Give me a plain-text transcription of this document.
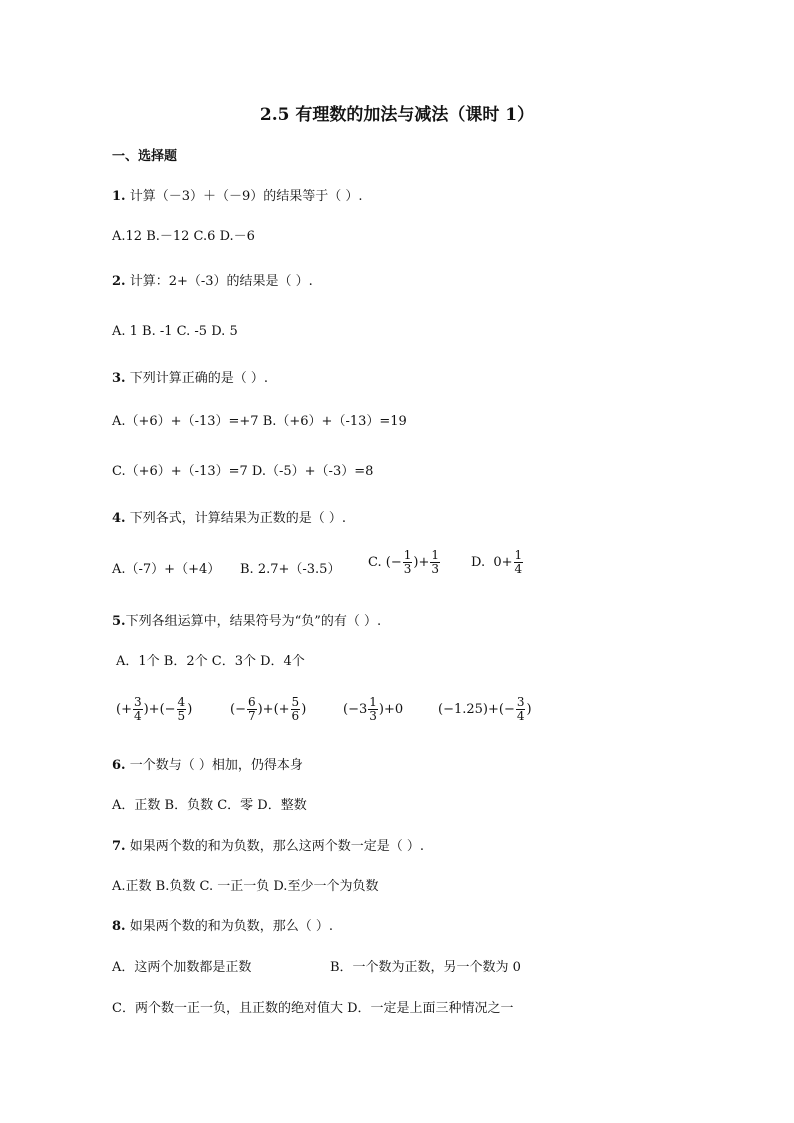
2.5 有理数的加法与减法（课时 1）
一、选择题
1. 计算（－3）＋（－9）的结果等于（ ）.
A.12 B.－12 C.6 D.－6
2. 计算：2+（-3）的结果是（ ）.
A. 1 B. -1 C. -5 D. 5
3. 下列计算正确的是（ ）.
A.（+6）+（-13）=+7 B.（+6）+（-13）=19
C.（+6）+（-13）=7 D.（-5）+（-3）=8
4. 下列各式，计算结果为正数的是（ ）.
A.（-7）+（+4） B. 2.7+（-3.5） C.
(− $\frac{1}{3}$ )+ $\frac{1}{3} D$.
$0+ \frac{1}{4}$
5.下列各组运算中，结果符号为“负”的有（ ）.
A．1个 B．2个 C．3个 D．4个
(+ $\frac{3}{4}$ )+(− $\frac{4}{5}$ )	(− $\frac{6}{7}$ )+(+ $\frac{5}{6}$ )	$(-3 \frac{1}{3} )+0$	$(-1.25)+(- \frac{3}{4}$ )
6. 一个数与（ ）相加，仍得本身
A．正数 B．负数 C．零 D．整数
7. 如果两个数的和为负数，那么这两个数一定是（ ）.
A.正数 B.负数 C. 一正一负 D.至少一个为负数
8. 如果两个数的和为负数，那么（ ）.
A．这两个加数都是正数	B．一个数为正数，另一个数为 0
C．两个数一正一负，且正数的绝对值大 D．一定是上面三种情况之一
